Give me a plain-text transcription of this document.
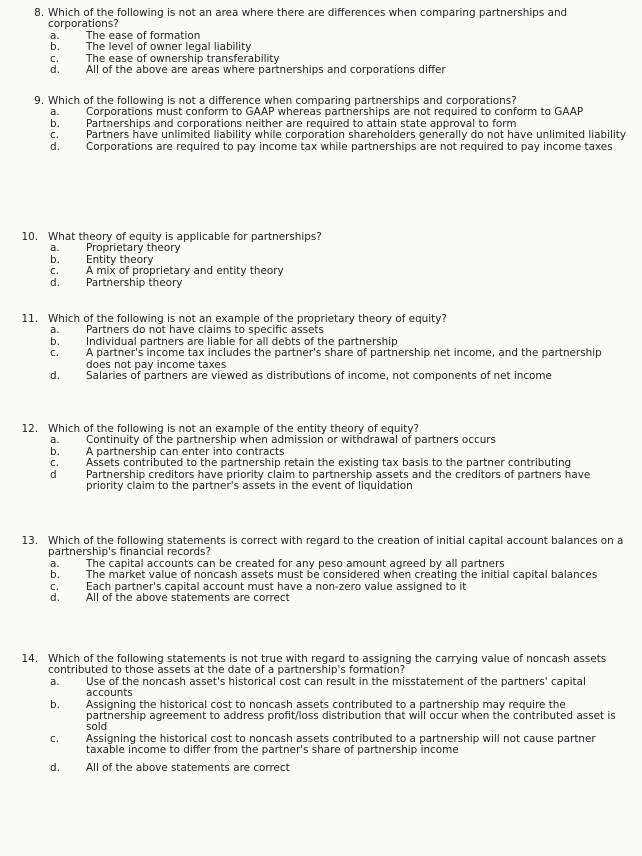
8. Which of the following is not an area where there are differences when comparing partnerships and corporations?
a.	The ease of formation
b.	The level of owner legal liability
c.	The ease of ownership transferability
d.	All of the above are areas where partnerships and corporations differ
9. Which of the following is not a difference when comparing partnerships and corporations?
a.	Corporations must conform to GAAP whereas partnerships are not required to conform to GAAP
b.	Partnerships and corporations neither are required to attain state approval to form
c.	Partners have unlimited liability while corporation shareholders generally do not have unlimited liability
d.	Corporations are required to pay income tax while partnerships are not required to pay income taxes
10. What theory of equity is applicable for partnerships?
a.	Proprietary theory
b.	Entity theory
c.	A mix of proprietary and entity theory
d.	Partnership theory
11. Which of the following is not an example of the proprietary theory of equity?
a.	Partners do not have claims to specific assets
b.	Individual partners are liable for all debts of the partnership
c.	A partner's income tax includes the partner's share of partnership net income, and the partnership does not pay income taxes
d.	Salaries of partners are viewed as distributions of income, not components of net income
12. Which of the following is not an example of the entity theory of equity?
a.	Continuity of the partnership when admission or withdrawal of partners occurs
b.	A partnership can enter into contracts
c.	Assets contributed to the partnership retain the existing tax basis to the partner contributing
d	Partnership creditors have priority claim to partnership assets and the creditors of partners have priority claim to the partner's assets in the event of liquidation
13. Which of the following statements is correct with regard to the creation of initial capital account balances on a partnership's financial records?
a.	The capital accounts can be created for any peso amount agreed by all partners
b.	The market value of noncash assets must be considered when creating the initial capital balances
c.	Each partner's capital account must have a non-zero value assigned to it
d.	All of the above statements are correct
14. Which of the following statements is not true with regard to assigning the carrying value of noncash assets contributed to those assets at the date of a partnership's formation?
a.	Use of the noncash asset's historical cost can result in the misstatement of the partners' capital accounts
b.	Assigning the historical cost to noncash assets contributed to a partnership may require the partnership agreement to address profit/loss distribution that will occur when the contributed asset is sold
c.	Assigning the historical cost to noncash assets contributed to a partnership will not cause partner taxable income to differ from the partner's share of partnership income
d.	All of the above statements are correct
